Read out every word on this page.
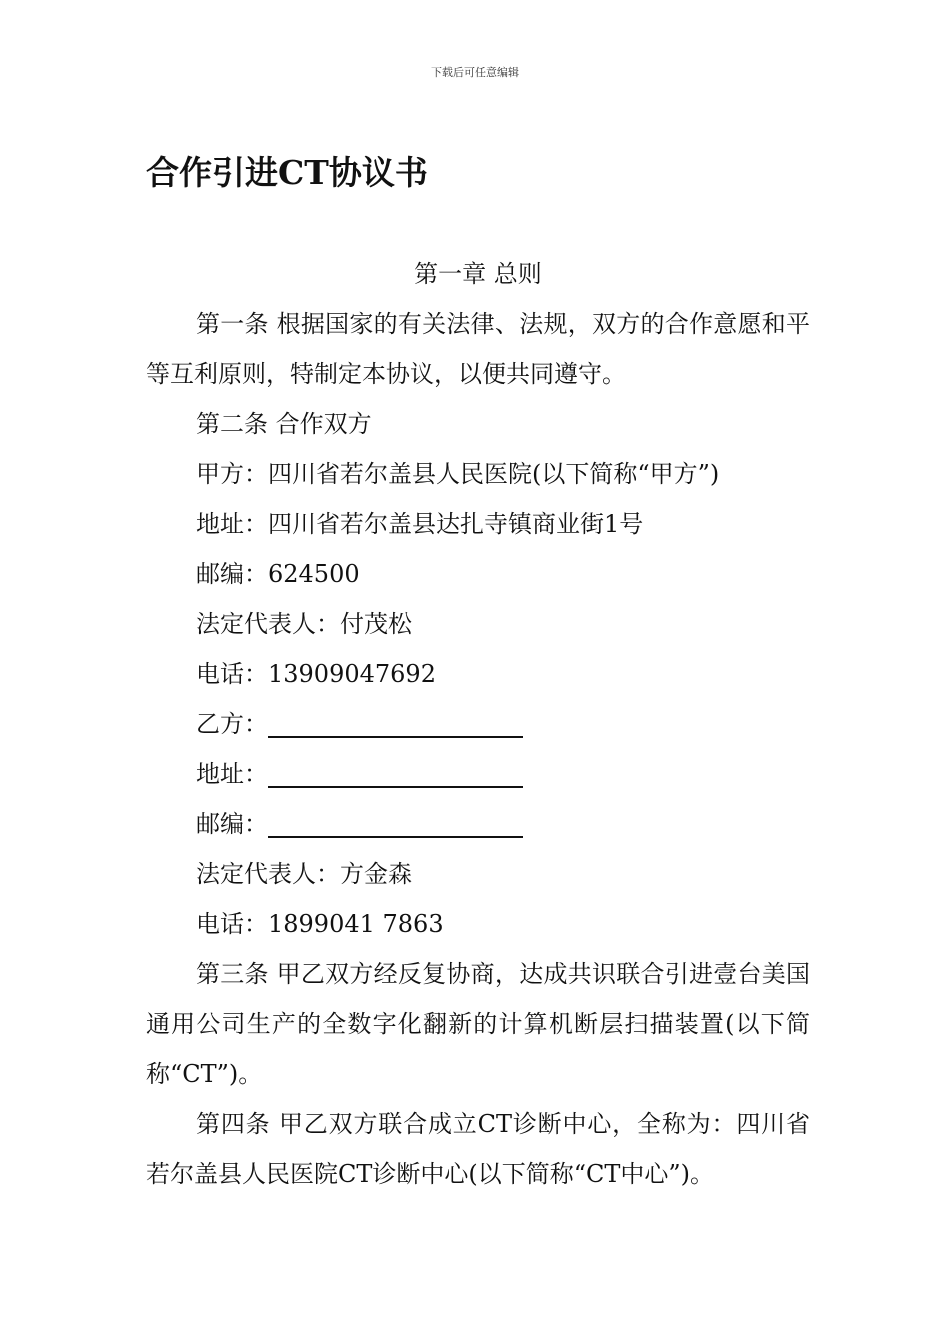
下载后可任意编辑
合作引进CT协议书

第一章 总则

第一条 根据国家的有关法律、法规，双方的合作意愿和平等互利原则，特制定本协议，以便共同遵守。

第二条 合作双方

甲方：四川省若尔盖县人民医院(以下简称“甲方”)

地址：四川省若尔盖县达扎寺镇商业街1号

邮编：624500

法定代表人：付茂松

电话：13909047692

乙方：

地址：

邮编：

法定代表人：方金森

电话：1899041 7863

第三条 甲乙双方经反复协商，达成共识联合引进壹台美国通用公司生产的全数字化翻新的计算机断层扫描装置(以下简称“CT”)。

第四条 甲乙双方联合成立CT诊断中心，全称为：四川省若尔盖县人民医院CT诊断中心(以下简称“CT中心”)。
